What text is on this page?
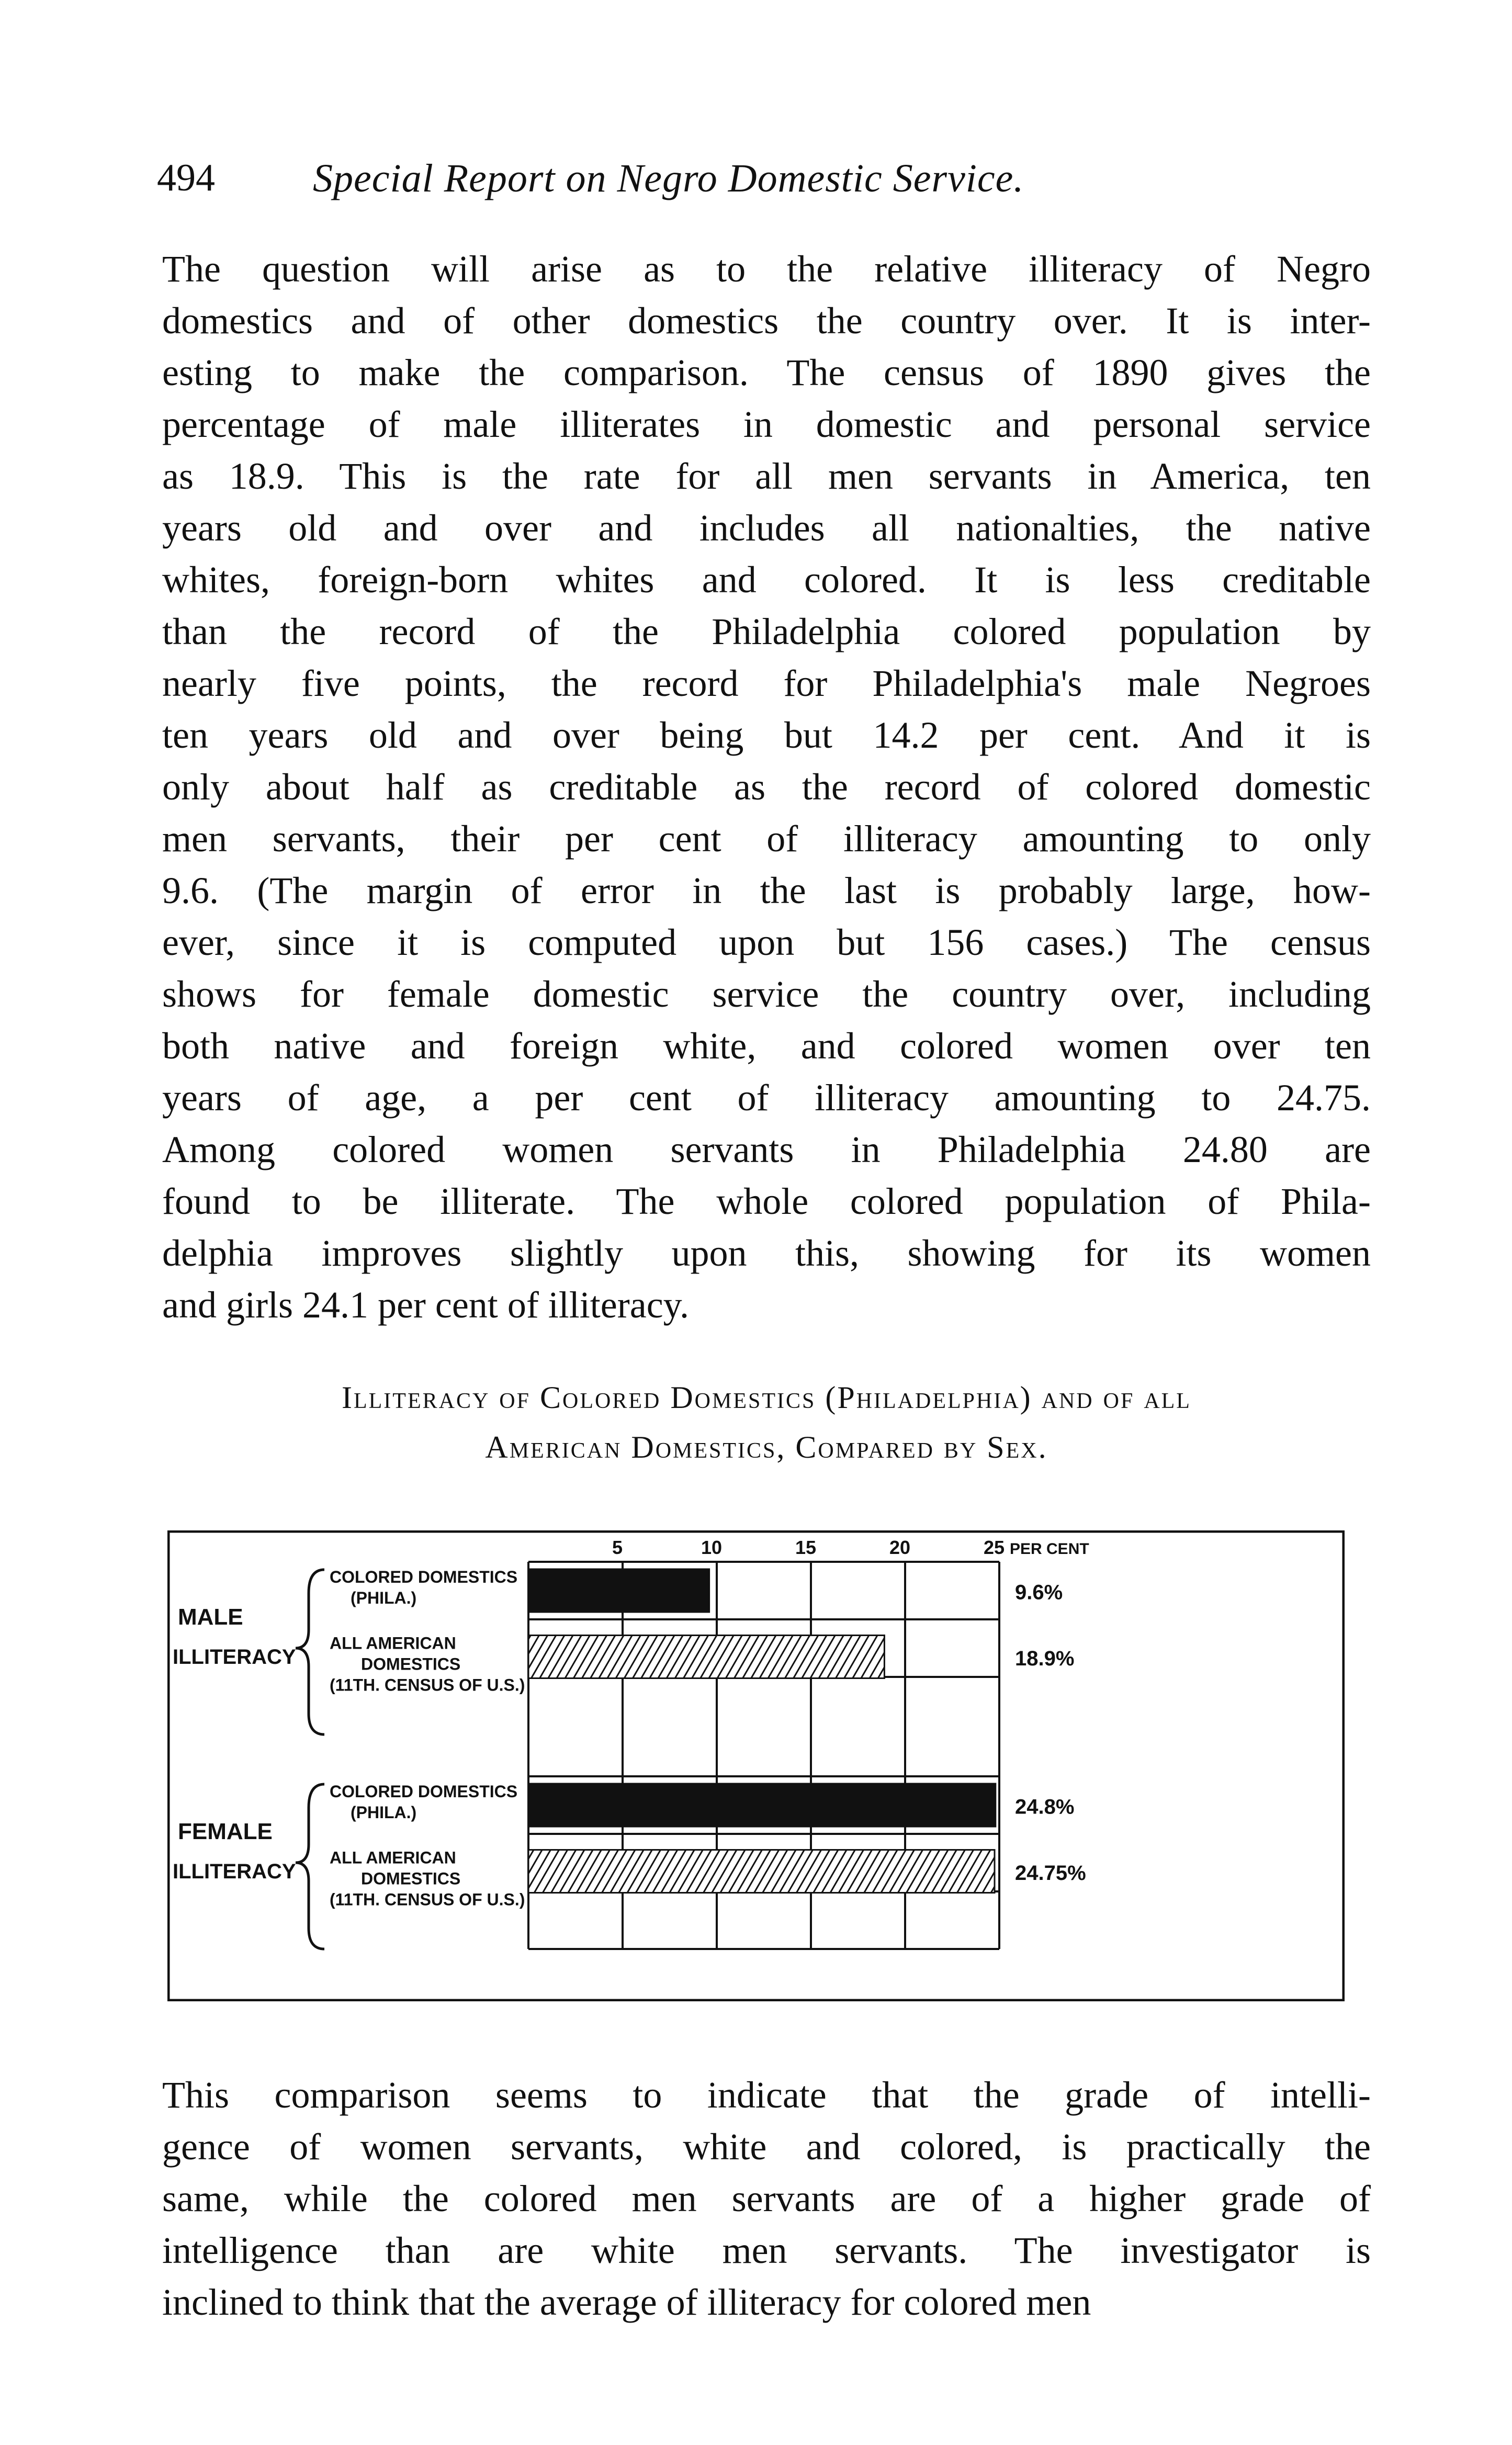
494 Special Report on Negro Domestic Service.

The question will arise as to the relative illiteracy of Negro
domestics and of other domestics the country over. It is inter-
esting to make the comparison. The census of 1890 gives the
percentage of male illiterates in domestic and personal service
as 18.9. This is the rate for all men servants in America, ten
years old and over and includes all nationalties, the native
whites, foreign-born whites and colored. It is less creditable
than the record of the Philadelphia colored population by
nearly five points, the record for Philadelphia's male Negroes
ten years old and over being but 14.2 per cent. And it is
only about half as creditable as the record of colored domestic
men servants, their per cent of illiteracy amounting to only
9.6. (The margin of error in the last is probably large, how-
ever, since it is computed upon but 156 cases.) The census
shows for female domestic service the country over, including
both native and foreign white, and colored women over ten
years of age, a per cent of illiteracy amounting to 24.75.
Among colored women servants in Philadelphia 24.80 are
found to be illiterate. The whole colored population of Phila-
delphia improves slightly upon this, showing for its women
and girls 24.1 per cent of illiteracy.

Illiteracy of Colored Domestics (Philadelphia) and of all
American Domestics, Compared by Sex.
5	10	15	20	25 PER CENT
MALE
ILLITERACY
COLORED DOMESTICS
(PHILA.)	9.6%
ALL AMERICAN
DOMESTICS
(11TH. CENSUS OF U.S.)
18.9%
FEMALE
ILLITERACY
COLORED DOMESTICS
(PHILA.)	24.8%
ALL AMERICAN
DOMESTICS
(11TH. CENSUS OF U.S.)
24.75%

This comparison seems to indicate that the grade of intelli-
gence of women servants, white and colored, is practically the
same, while the colored men servants are of a higher grade of
intelligence than are white men servants. The investigator is
inclined to think that the average of illiteracy for colored men
